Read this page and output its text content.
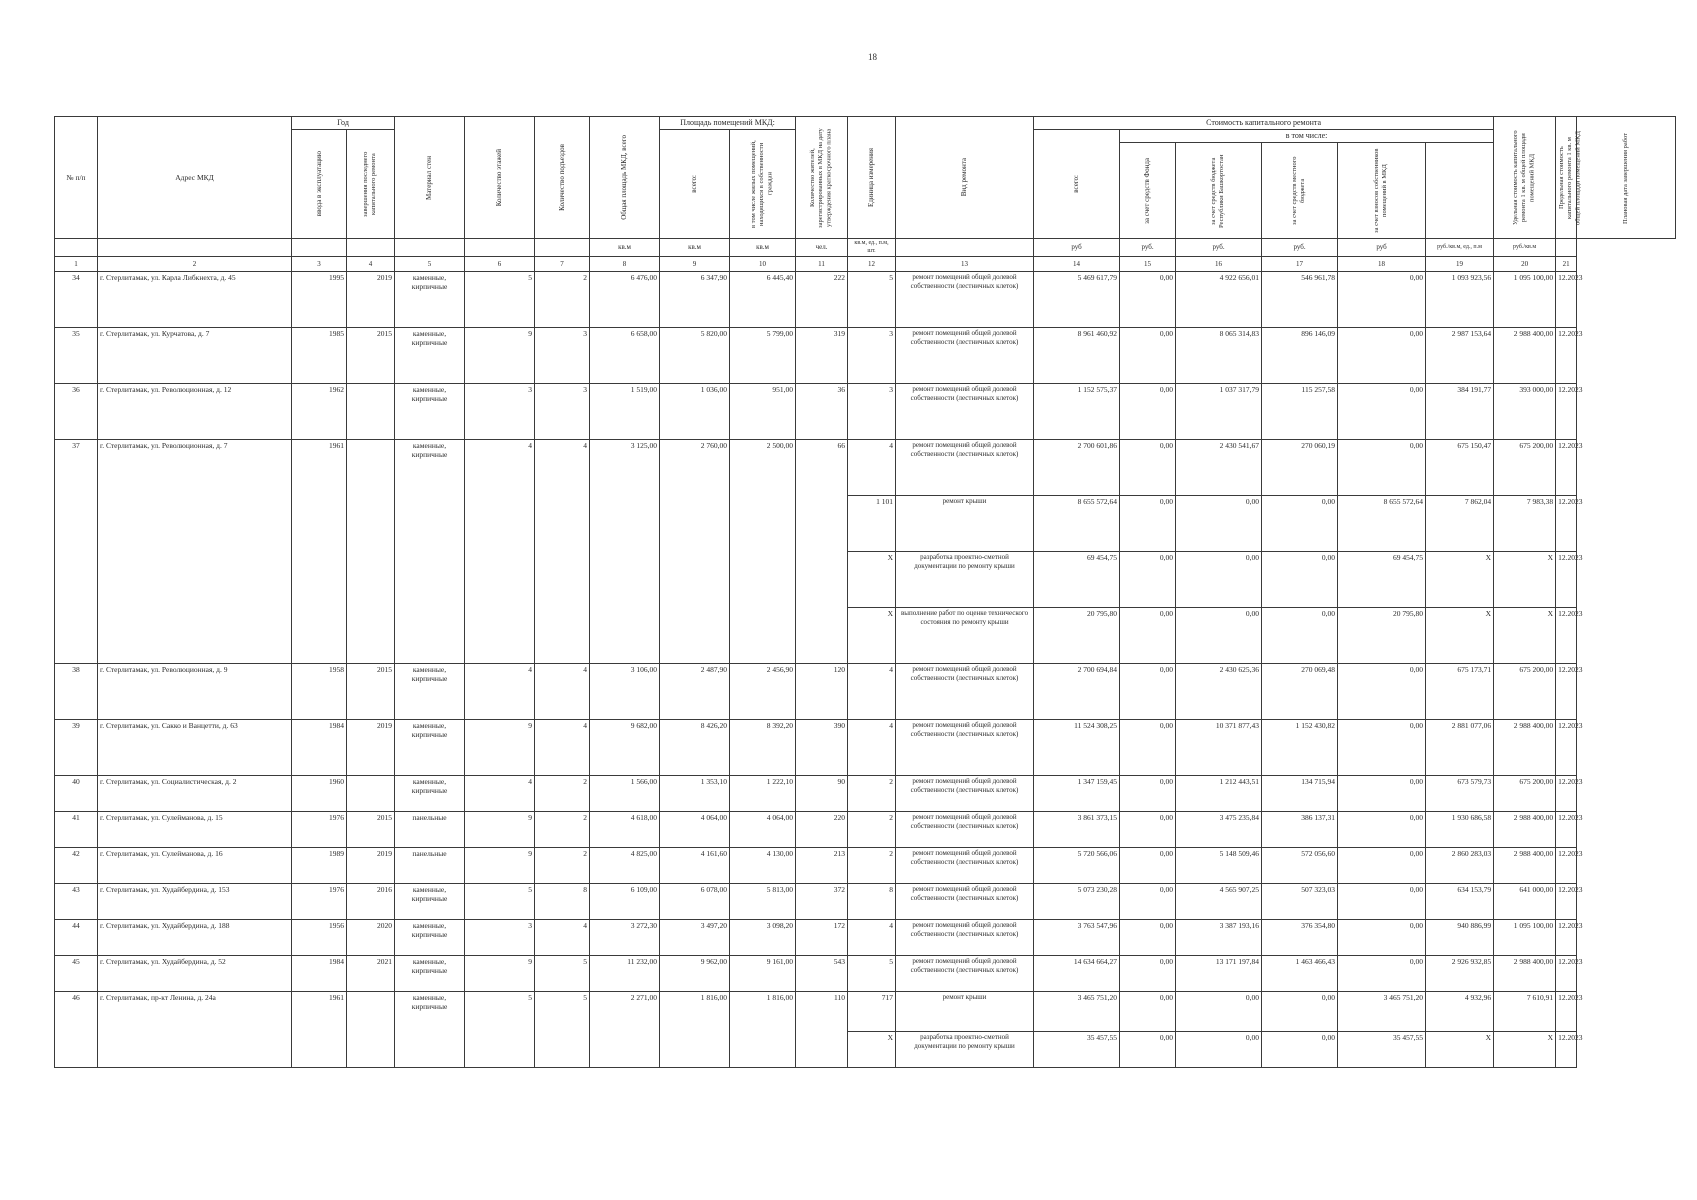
18
№ п/п	Адрес МКД	Год		Материал стен	Количество этажей	Количество подъездов	Общая площадь МКД, всего	Площадь помещений МКД:		Количество жителей, зарегистрированных в МКД на дату утверждения краткосрочного плана	Единица измерения	Вид ремонта	Стоимость капитального ремонта						Удельная стоимость капитального ремонта 1 кв. м общей площади помещений МКД	Предельная стоимость капитального ремонта 1 кв. м общей площади помещений МКД	Плановая дата завершения работ

		ввода в эксплуатацию	завершения последнего капитального ремонта					всего:	в том числе жилых помещений, находящихся в собственности граждан				всего:	в том числе:							

														за счет средств Фонда	за счет средств бюджета Республики Башкортостан	за счет средств местного бюджета	за счет взносов собственников помещений в МКД				

							кв.м	кв.м	кв.м	чел.	кв.м, ед., п.м, шт.		руб	руб.	руб.	руб.	руб	руб./кв.м, ед., п.м	руб./кв.м		
1	2	3	4	5	6	7	8	9	10	11	12	13	14	15	16	17	18	19	20	21	
34	г. Стерлитамак, ул. Карла Либкнехта, д. 45	1995	2019	каменные, кирпичные	5	2	6 476,00	6 347,90	6 445,40	222	5	ремонт помещений общей долевой собственности (лестничных клеток)	5 469 617,79	0,00	4 922 656,01	546 961,78	0,00	1 093 923,56	1 095 100,00	12.2023	
35	г. Стерлитамак, ул. Курчатова, д. 7	1985	2015	каменные, кирпичные	9	3	6 658,00	5 820,00	5 799,00	319	3	ремонт помещений общей долевой собственности (лестничных клеток)	8 961 460,92	0,00	8 065 314,83	896 146,09	0,00	2 987 153,64	2 988 400,00	12.2023	
36	г. Стерлитамак, ул. Революционная, д. 12	1962		каменные, кирпичные	3	3	1 519,00	1 036,00	951,00	36	3	ремонт помещений общей долевой собственности (лестничных клеток)	1 152 575,37	0,00	1 037 317,79	115 257,58	0,00	384 191,77	393 000,00	12.2023	
37	г. Стерлитамак, ул. Революционная, д. 7	1961		каменные, кирпичные	4	4	3 125,00	2 760,00	2 500,00	66	4	ремонт помещений общей долевой собственности (лестничных клеток)	2 700 601,86	0,00	2 430 541,67	270 060,19	0,00	675 150,47	675 200,00	12.2023	
											1 101	ремонт крыши	8 655 572,64	0,00	0,00	0,00	8 655 572,64	7 862,04	7 983,38	12.2023	
											X	разработка проектно-сметной документации по ремонту крыши	69 454,75	0,00	0,00	0,00	69 454,75	X	X	12.2023	
											X	выполнение работ по оценке технического состояния по ремонту крыши	20 795,80	0,00	0,00	0,00	20 795,80	X	X	12.2023	
38	г. Стерлитамак, ул. Революционная, д. 9	1958	2015	каменные, кирпичные	4	4	3 106,00	2 487,90	2 456,90	120	4	ремонт помещений общей долевой собственности (лестничных клеток)	2 700 694,84	0,00	2 430 625,36	270 069,48	0,00	675 173,71	675 200,00	12.2023	
39	г. Стерлитамак, ул. Сакко и Ванцетти, д. 63	1984	2019	каменные, кирпичные	9	4	9 682,00	8 426,20	8 392,20	390	4	ремонт помещений общей долевой собственности (лестничных клеток)	11 524 308,25	0,00	10 371 877,43	1 152 430,82	0,00	2 881 077,06	2 988 400,00	12.2023	
40	г. Стерлитамак, ул. Социалистическая, д. 2	1960		каменные, кирпичные	4	2	1 566,00	1 353,10	1 222,10	90	2	ремонт помещений общей долевой собственности (лестничных клеток)	1 347 159,45	0,00	1 212 443,51	134 715,94	0,00	673 579,73	675 200,00	12.2023	
41	г. Стерлитамак, ул. Сулейманова, д. 15	1976	2015	панельные	9	2	4 618,00	4 064,00	4 064,00	220	2	ремонт помещений общей долевой собственности (лестничных клеток)	3 861 373,15	0,00	3 475 235,84	386 137,31	0,00	1 930 686,58	2 988 400,00	12.2023	
42	г. Стерлитамак, ул. Сулейманова, д. 16	1989	2019	панельные	9	2	4 825,00	4 161,60	4 130,00	213	2	ремонт помещений общей долевой собственности (лестничных клеток)	5 720 566,06	0,00	5 148 509,46	572 056,60	0,00	2 860 283,03	2 988 400,00	12.2023	
43	г. Стерлитамак, ул. Худайбердина, д. 153	1976	2016	каменные, кирпичные	5	8	6 109,00	6 078,00	5 813,00	372	8	ремонт помещений общей долевой собственности (лестничных клеток)	5 073 230,28	0,00	4 565 907,25	507 323,03	0,00	634 153,79	641 000,00	12.2023	
44	г. Стерлитамак, ул. Худайбердина, д. 188	1956	2020	каменные, кирпичные	3	4	3 272,30	3 497,20	3 098,20	172	4	ремонт помещений общей долевой собственности (лестничных клеток)	3 763 547,96	0,00	3 387 193,16	376 354,80	0,00	940 886,99	1 095 100,00	12.2023	
45	г. Стерлитамак, ул. Худайбердина, д. 52	1984	2021	каменные, кирпичные	9	5	11 232,00	9 962,00	9 161,00	543	5	ремонт помещений общей долевой собственности (лестничных клеток)	14 634 664,27	0,00	13 171 197,84	1 463 466,43	0,00	2 926 932,85	2 988 400,00	12.2023	
46	г. Стерлитамак, пр-кт Ленина, д. 24а	1961		каменные, кирпичные	5	5	2 271,00	1 816,00	1 816,00	110	717	ремонт крыши	3 465 751,20	0,00	0,00	0,00	3 465 751,20	4 932,96	7 610,91	12.2023	
											X	разработка проектно-сметной документации по ремонту крыши	35 457,55	0,00	0,00	0,00	35 457,55	X	X	12.2023	
